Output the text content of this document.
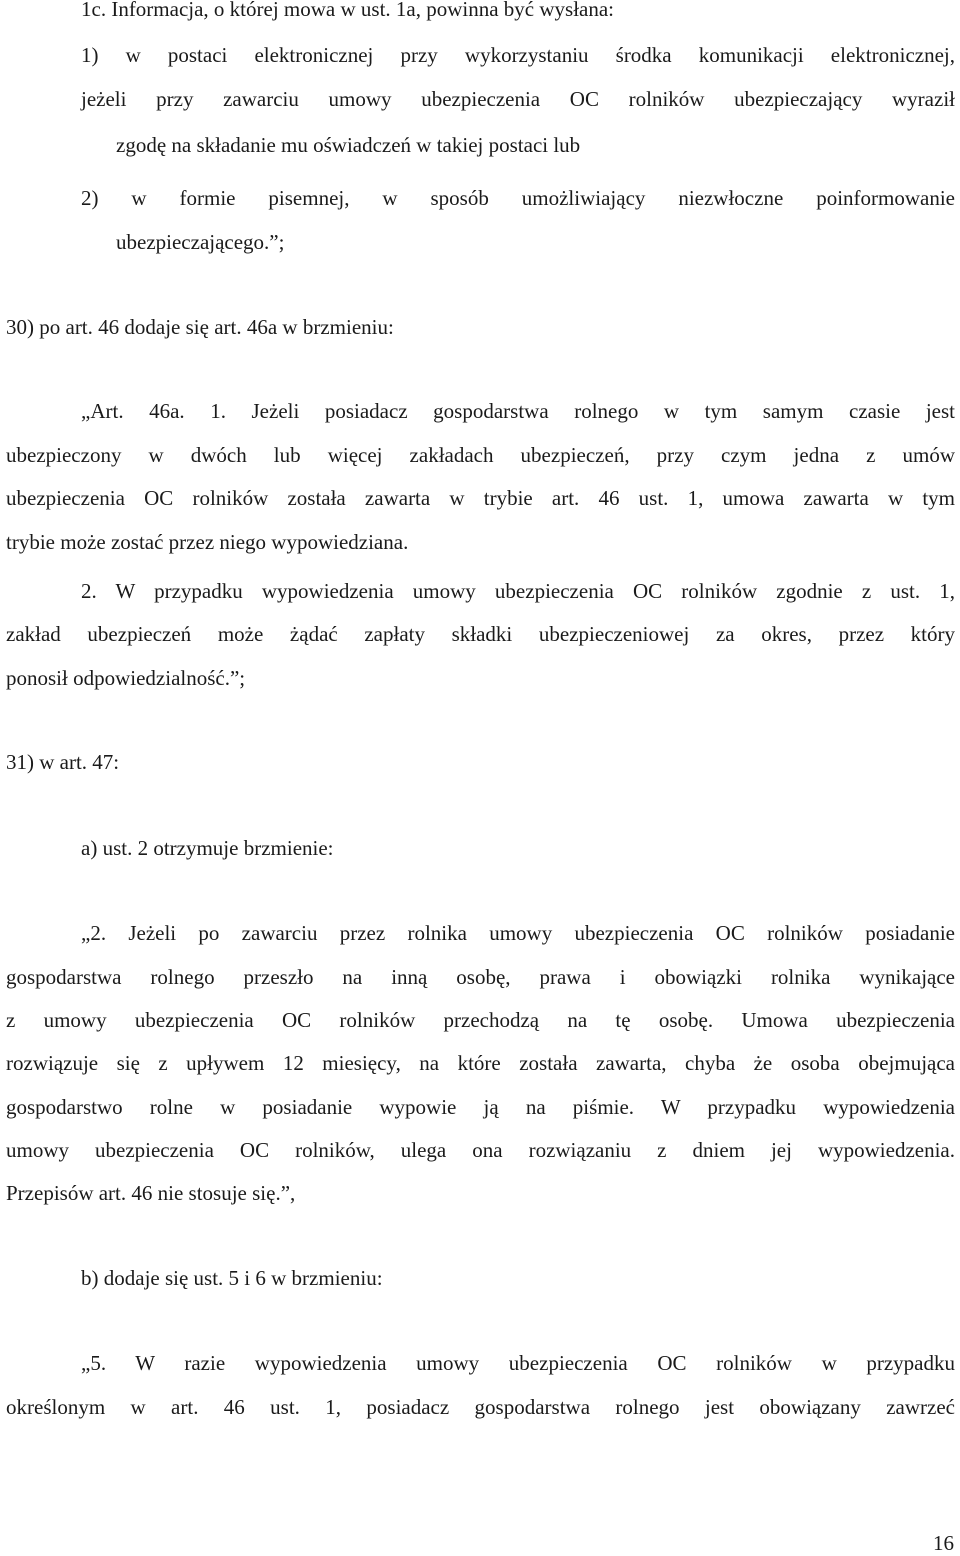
1c. Informacja, o której mowa w ust. 1a, powinna być wysłana:

1) w postaci elektronicznej przy wykorzystaniu środka komunikacji elektronicznej,

jeżeli przy zawarciu umowy ubezpieczenia OC rolników ubezpieczający wyraził

zgodę na składanie mu oświadczeń w takiej postaci lub

2) w formie pisemnej, w sposób umożliwiający niezwłoczne poinformowanie

ubezpieczającego.”;

30) po art. 46 dodaje się art. 46a w brzmieniu:

„Art. 46a. 1. Jeżeli posiadacz gospodarstwa rolnego w tym samym czasie jest

ubezpieczony w dwóch lub więcej zakładach ubezpieczeń, przy czym jedna z umów

ubezpieczenia OC rolników została zawarta w trybie art. 46 ust. 1, umowa zawarta w tym

trybie może zostać przez niego wypowiedziana.

2. W przypadku wypowiedzenia umowy ubezpieczenia OC rolników zgodnie z ust. 1,

zakład ubezpieczeń może żądać zapłaty składki ubezpieczeniowej za okres, przez który

ponosił odpowiedzialność.”;

31) w art. 47:

a) ust. 2 otrzymuje brzmienie:

„2. Jeżeli po zawarciu przez rolnika umowy ubezpieczenia OC rolników posiadanie

gospodarstwa rolnego przeszło na inną osobę, prawa i obowiązki rolnika wynikające

z umowy ubezpieczenia OC rolników przechodzą na tę osobę. Umowa ubezpieczenia

rozwiązuje się z upływem 12 miesięcy, na które została zawarta, chyba że osoba obejmująca

gospodarstwo rolne w posiadanie wypowie ją na piśmie. W przypadku wypowiedzenia

umowy ubezpieczenia OC rolników, ulega ona rozwiązaniu z dniem jej wypowiedzenia.

Przepisów art. 46 nie stosuje się.”,

b) dodaje się ust. 5 i 6 w brzmieniu:

„5. W razie wypowiedzenia umowy ubezpieczenia OC rolników w przypadku

określonym w art. 46 ust. 1, posiadacz gospodarstwa rolnego jest obowiązany zawrzeć

16
